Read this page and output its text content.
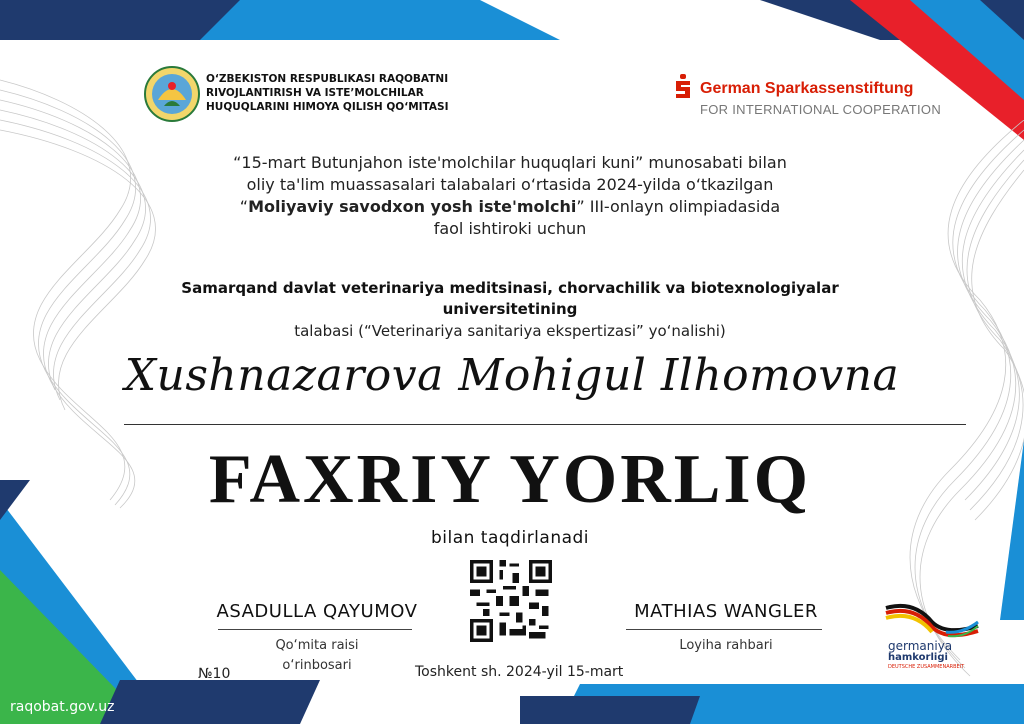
O‘ZBEKISTON RESPUBLIKASI RAQOBATNI
RIVOJLANTIRISH VA ISTE’MOLCHILAR
HUQUQLARINI HIMOYA QILISH QO‘MITASI
German Sparkassenstiftung
FOR INTERNATIONAL COOPERATION
“15-mart Butunjahon iste'molchilar huquqlari kuni” munosabati bilan
oliy ta'lim muassasalari talabalari o‘rtasida 2024-yilda o‘tkazilgan
“Moliyaviy savodxon yosh iste'molchi” III-onlayn olimpiadasida
faol ishtiroki uchun
Samarqand davlat veterinariya meditsinasi, chorvachilik va biotexnologiyalar
universitetining
talabasi (“Veterinariya sanitariya ekspertizasi” yo‘nalishi)
Xushnazarova Mohigul Ilhomovna
FAXRIY YORLIQ
bilan taqdirlanadi
ASADULLA QAYUMOV
Qo‘mita raisi
o‘rinbosari
MATHIAS WANGLER
Loyiha rahbari
№10	Toshkent sh. 2024-yil 15-mart
raqobat.gov.uz
germaniya
hamkorligi
DEUTSCHE ZUSAMMENARBEIT
